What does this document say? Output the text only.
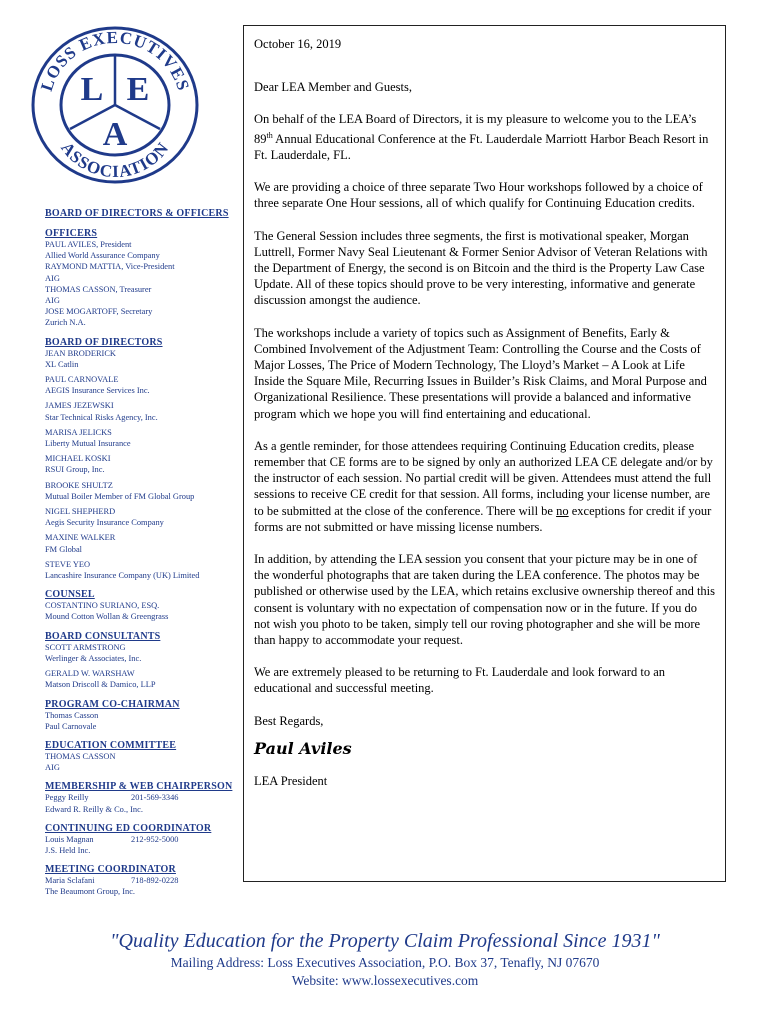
LOSS EXECUTIVES
ASSOCIATION
L E
A
BOARD OF DIRECTORS & OFFICERS
OFFICERS
PAUL AVILES, President
Allied World Assurance Company
RAYMOND MATTIA, Vice-President
AIG
THOMAS CASSON, Treasurer
AIG
JOSE MOGARTOFF, Secretary
Zurich N.A.
BOARD OF DIRECTORS
JEAN BRODERICK
XL Catlin
PAUL CARNOVALE
AEGIS Insurance Services Inc.
JAMES JEZEWSKI
Star Technical Risks Agency, Inc.
MARISA JELICKS
Liberty Mutual Insurance
MICHAEL KOSKI
RSUI Group, Inc.
BROOKE SHULTZ
Mutual Boiler Member of FM Global Group
NIGEL SHEPHERD
Aegis Security Insurance Company
MAXINE WALKER
FM Global
STEVE YEO
Lancashire Insurance Company (UK) Limited
COUNSEL
COSTANTINO SURIANO, ESQ.
Mound Cotton Wollan & Greengrass
BOARD CONSULTANTS
SCOTT ARMSTRONG
Werlinger & Associates, Inc.
GERALD W. WARSHAW
Matson Driscoll & Damico, LLP
PROGRAM CO-CHAIRMAN
Thomas Casson
Paul Carnovale
EDUCATION COMMITTEE
THOMAS CASSON
AIG
MEMBERSHIP & WEB CHAIRPERSON
Peggy Reilly	201-569-3346
Edward R. Reilly & Co., Inc.
CONTINUING ED COORDINATOR
Louis Magnan	212-952-5000
J.S. Held Inc.
MEETING COORDINATOR
Maria Sclafani	718-892-0228
The Beaumont Group, Inc.

October 16, 2019

Dear LEA Member and Guests,

On behalf of the LEA Board of Directors, it is my pleasure to welcome you to the LEA’s 89th Annual Educational Conference at the Ft. Lauderdale Marriott Harbor Beach Resort in Ft. Lauderdale, FL.

We are providing a choice of three separate Two Hour workshops followed by a choice of three separate One Hour sessions, all of which qualify for Continuing Education credits.

The General Session includes three segments, the first is motivational speaker, Morgan Luttrell, Former Navy Seal Lieutenant & Former Senior Advisor of Veteran Relations with the Department of Energy, the second is on Bitcoin and the third is the Property Law Case Update. All of these topics should prove to be very interesting, informative and generate discussion amongst the audience.

The workshops include a variety of topics such as Assignment of Benefits, Early & Combined Involvement of the Adjustment Team: Controlling the Course and the Costs of Major Losses, The Price of Modern Technology, The Lloyd’s Market – A Look at Life Inside the Square Mile, Recurring Issues in Builder’s Risk Claims, and Moral Purpose and Organizational Resilience. These presentations will provide a balanced and informative program which we hope you will find entertaining and educational.

As a gentle reminder, for those attendees requiring Continuing Education credits, please remember that CE forms are to be signed by only an authorized LEA CE delegate and/or by the instructor of each session. No partial credit will be given. Attendees must attend the full sessions to receive CE credit for that session. All forms, including your license number, are to be submitted at the close of the conference. There will be no exceptions for credit if your forms are not submitted or have missing license numbers.

In addition, by attending the LEA session you consent that your picture may be in one of the wonderful photographs that are taken during the LEA conference. The photos may be published or otherwise used by the LEA, which retains exclusive ownership thereof and this consent is voluntary with no expectation of compensation now or in the future. If you do not wish you photo to be taken, simply tell our roving photographer and she will be more than happy to accommodate your request.

We are extremely pleased to be returning to Ft. Lauderdale and look forward to an educational and successful meeting.

Best Regards,

Paul Aviles

LEA President

"Quality Education for the Property Claim Professional Since 1931"
Mailing Address: Loss Executives Association, P.O. Box 37, Tenafly, NJ 07670
Website: www.lossexecutives.com
